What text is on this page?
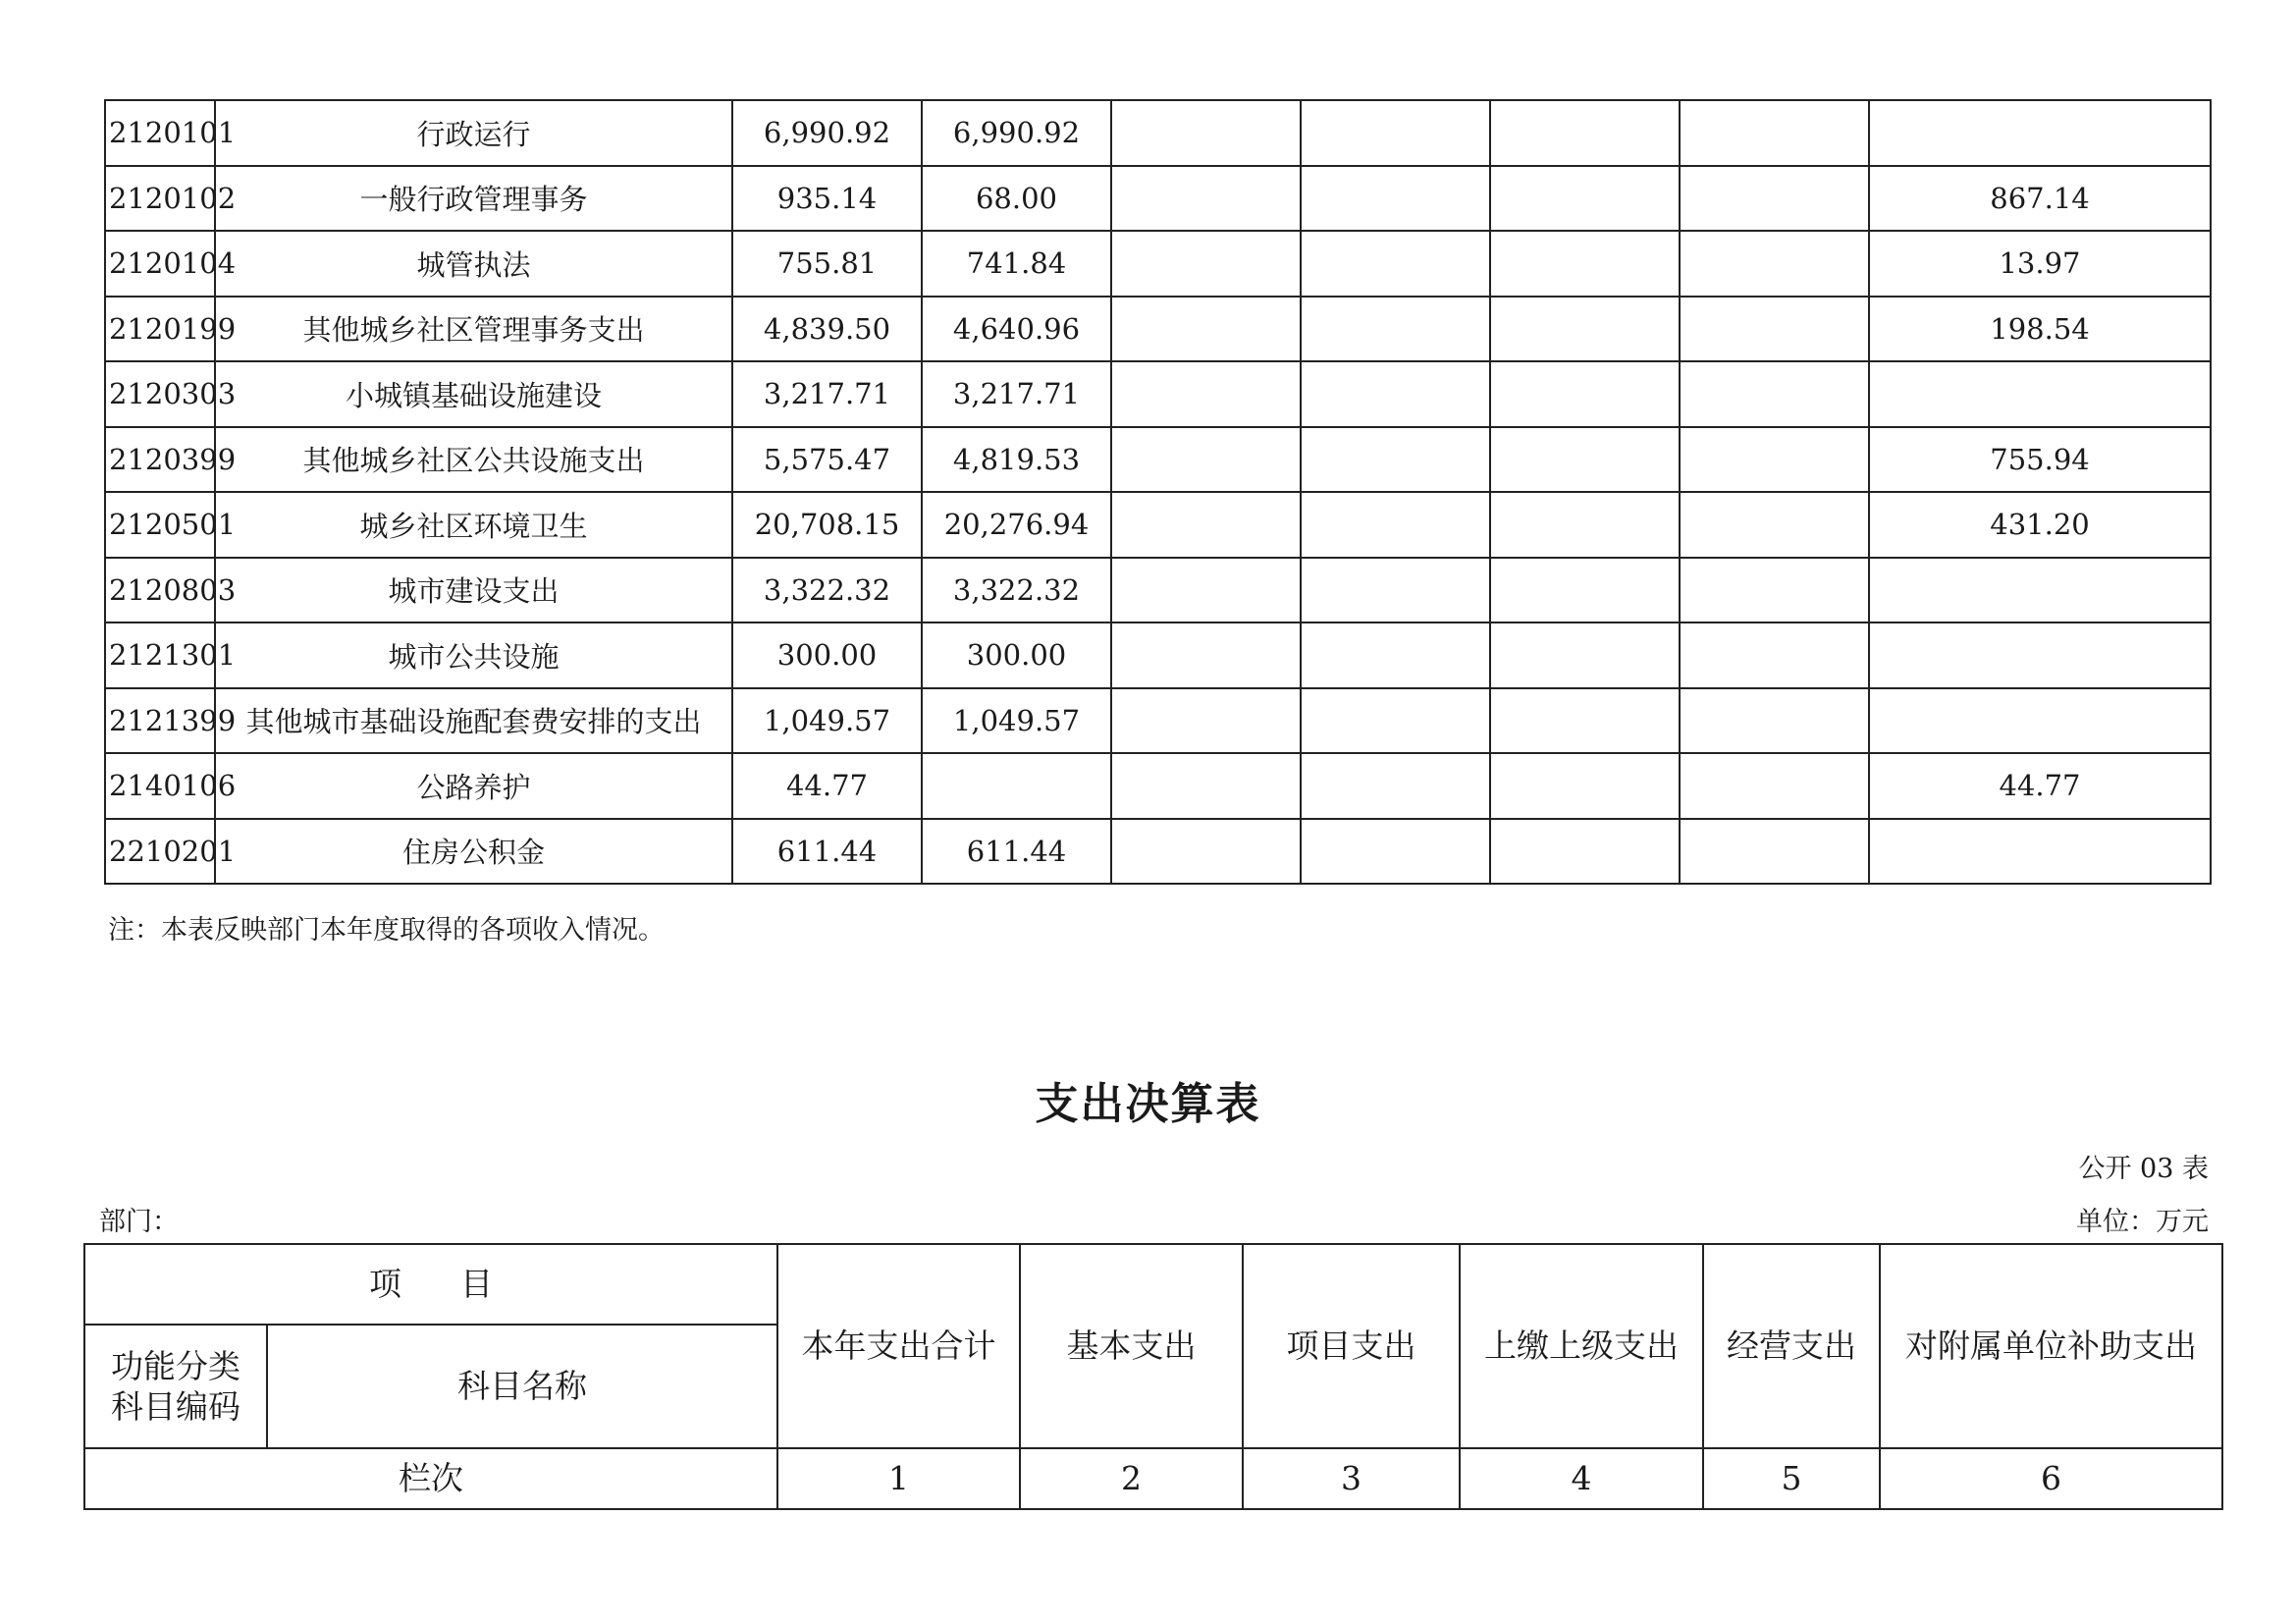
2120101	行政运行	6,990.92	6,990.92					
2120102	一般行政管理事务	935.14	68.00					867.14
2120104	城管执法	755.81	741.84					13.97
2120199	其他城乡社区管理事务支出	4,839.50	4,640.96					198.54
2120303	小城镇基础设施建设	3,217.71	3,217.71					
2120399	其他城乡社区公共设施支出	5,575.47	4,819.53					755.94
2120501	城乡社区环境卫生	20,708.15	20,276.94					431.20
2120803	城市建设支出	3,322.32	3,322.32					
2121301	城市公共设施	300.00	300.00					
2121399	其他城市基础设施配套费安排的支出	1,049.57	1,049.57					
2140106	公路养护	44.77						44.77
2210201	住房公积金	611.44	611.44					
注：本表反映部门本年度取得的各项收入情况。
支出决算表
公开 03 表
部门：	单位：万元
项目		本年支出合计	基本支出	项目支出	上缴上级支出	经营支出	对附属单位补助支出

功能分类
科目编码	科目名称						
栏次		1	2	3	4	5	6
